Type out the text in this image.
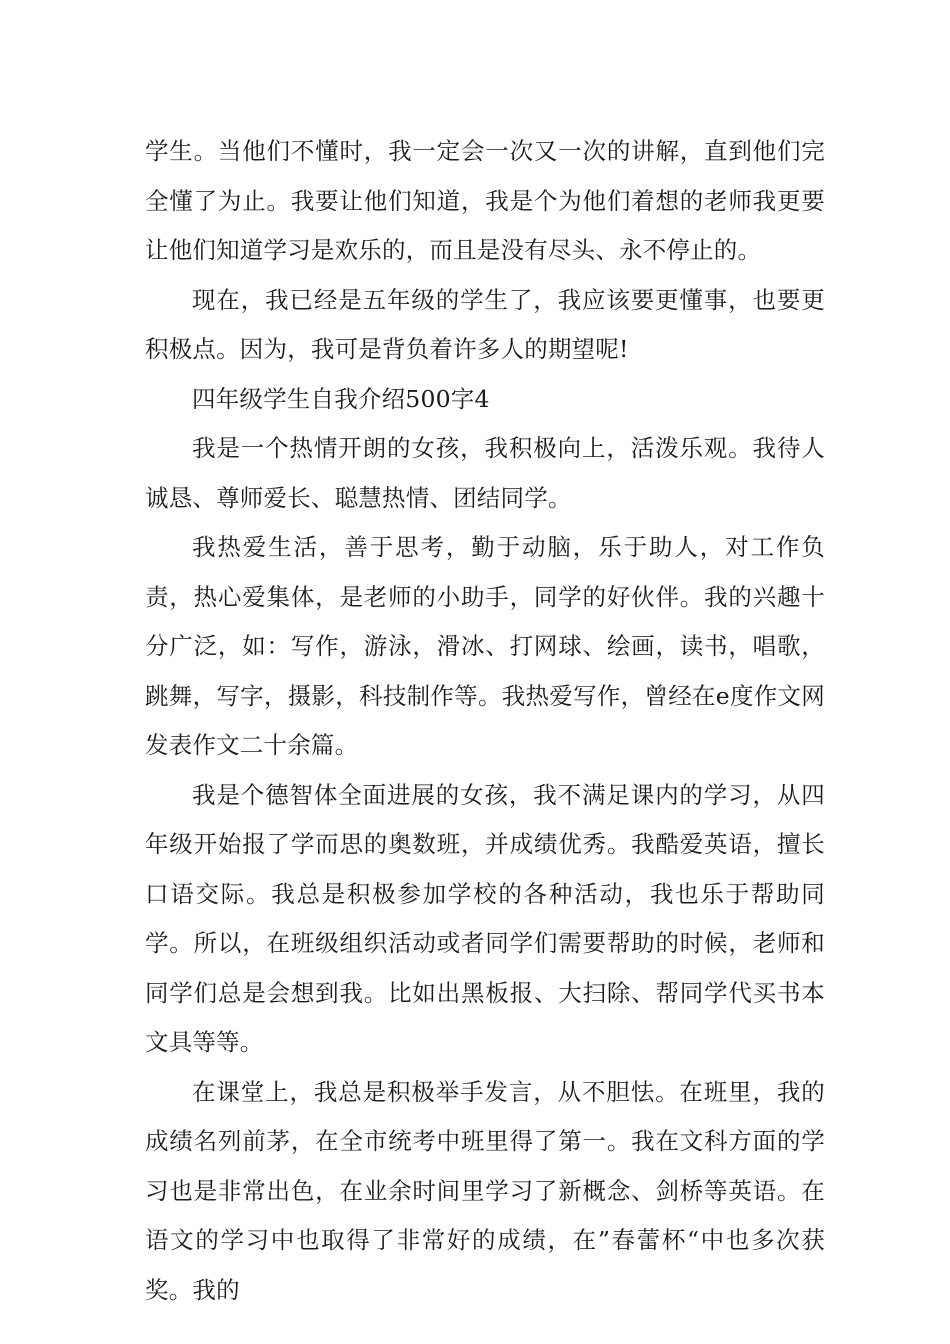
学生。当他们不懂时，我一定会一次又一次的讲解，直到他们完全懂了为止。我要让他们知道，我是个为他们着想的老师我更要让他们知道学习是欢乐的，而且是没有尽头、永不停止的。

现在，我已经是五年级的学生了，我应该要更懂事，也要更积极点。因为，我可是背负着许多人的期望呢!

四年级学生自我介绍500字4

我是一个热情开朗的女孩，我积极向上，活泼乐观。我待人诚恳、尊师爱长、聪慧热情、团结同学。

我热爱生活，善于思考，勤于动脑，乐于助人，对工作负责，热心爱集体，是老师的小助手，同学的好伙伴。我的兴趣十分广泛，如：写作，游泳，滑冰、打网球、绘画，读书，唱歌，跳舞，写字，摄影，科技制作等。我热爱写作，曾经在e度作文网发表作文二十余篇。

我是个德智体全面进展的女孩，我不满足课内的学习，从四年级开始报了学而思的奥数班，并成绩优秀。我酷爱英语，擅长口语交际。我总是积极参加学校的各种活动，我也乐于帮助同学。所以，在班级组织活动或者同学们需要帮助的时候，老师和同学们总是会想到我。比如出黑板报、大扫除、帮同学代买书本文具等等。

在课堂上，我总是积极举手发言，从不胆怯。在班里，我的成绩名列前茅，在全市统考中班里得了第一。我在文科方面的学习也是非常出色，在业余时间里学习了新概念、剑桥等英语。在语文的学习中也取得了非常好的成绩，在”春蕾杯“中也多次获奖。我的
